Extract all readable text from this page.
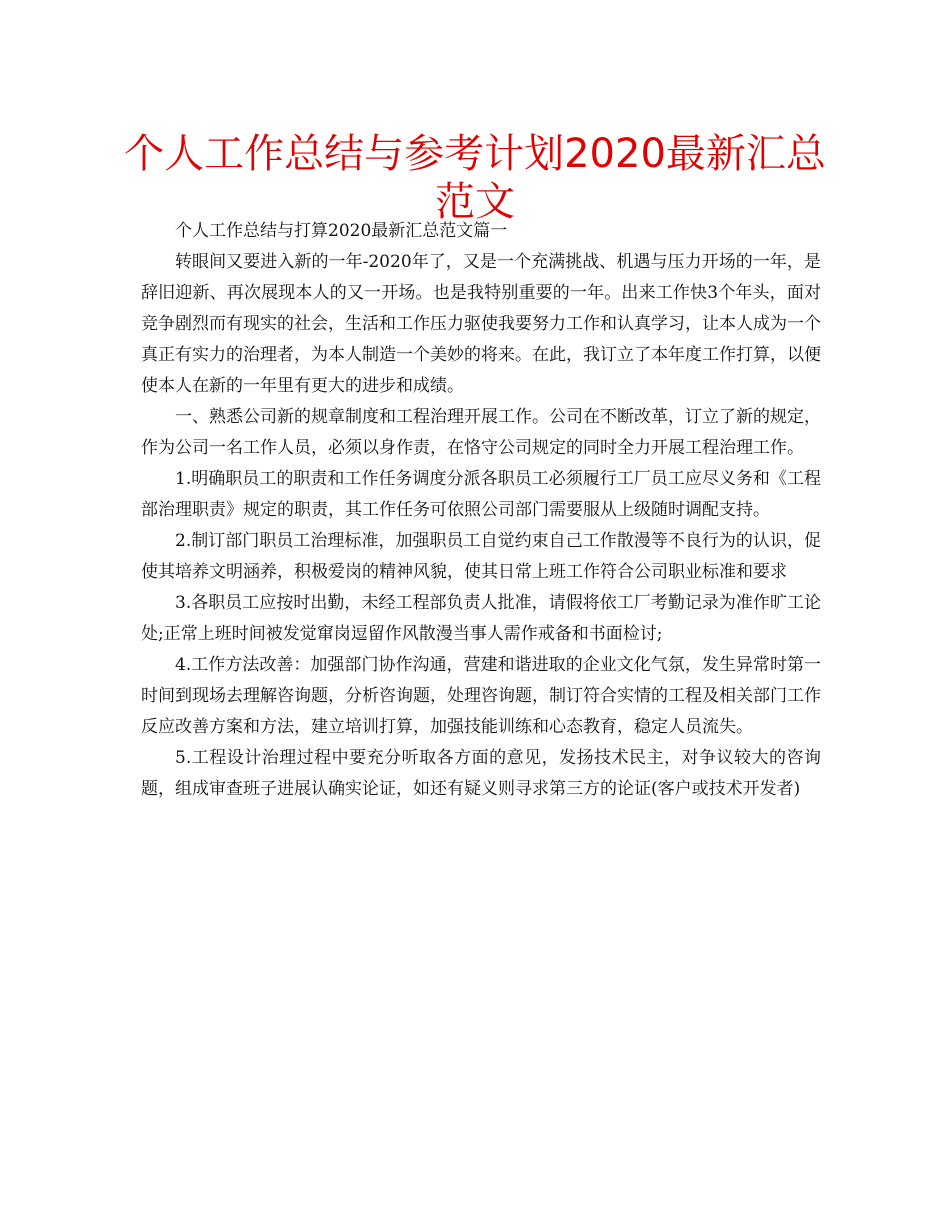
个人工作总结与参考计划2020最新汇总范文

个人工作总结与打算2020最新汇总范文篇一

转眼间又要进入新的一年-2020年了，又是一个充满挑战、机遇与压力开场的一年，是辞旧迎新、再次展现本人的又一开场。也是我特别重要的一年。出来工作快3个年头，面对竞争剧烈而有现实的社会，生活和工作压力驱使我要努力工作和认真学习，让本人成为一个真正有实力的治理者，为本人制造一个美妙的将来。在此，我订立了本年度工作打算，以便使本人在新的一年里有更大的进步和成绩。

一、熟悉公司新的规章制度和工程治理开展工作。公司在不断改革，订立了新的规定，作为公司一名工作人员，必须以身作责，在恪守公司规定的同时全力开展工程治理工作。

1.明确职员工的职责和工作任务调度分派各职员工必须履行工厂员工应尽义务和《工程部治理职责》规定的职责，其工作任务可依照公司部门需要服从上级随时调配支持。

2.制订部门职员工治理标准，加强职员工自觉约束自己工作散漫等不良行为的认识，促使其培养文明涵养，积极爱岗的精神风貌，使其日常上班工作符合公司职业标准和要求

3.各职员工应按时出勤，未经工程部负责人批准，请假将依工厂考勤记录为准作旷工论处;正常上班时间被发觉窜岗逗留作风散漫当事人需作戒备和书面检讨;

4.工作方法改善：加强部门协作沟通，营建和谐进取的企业文化气氛，发生异常时第一时间到现场去理解咨询题，分析咨询题，处理咨询题，制订符合实情的工程及相关部门工作反应改善方案和方法，建立培训打算，加强技能训练和心态教育，稳定人员流失。

5.工程设计治理过程中要充分听取各方面的意见，发扬技术民主，对争议较大的咨询题，组成审查班子进展认确实论证，如还有疑义则寻求第三方的论证(客户或技术开发者)
